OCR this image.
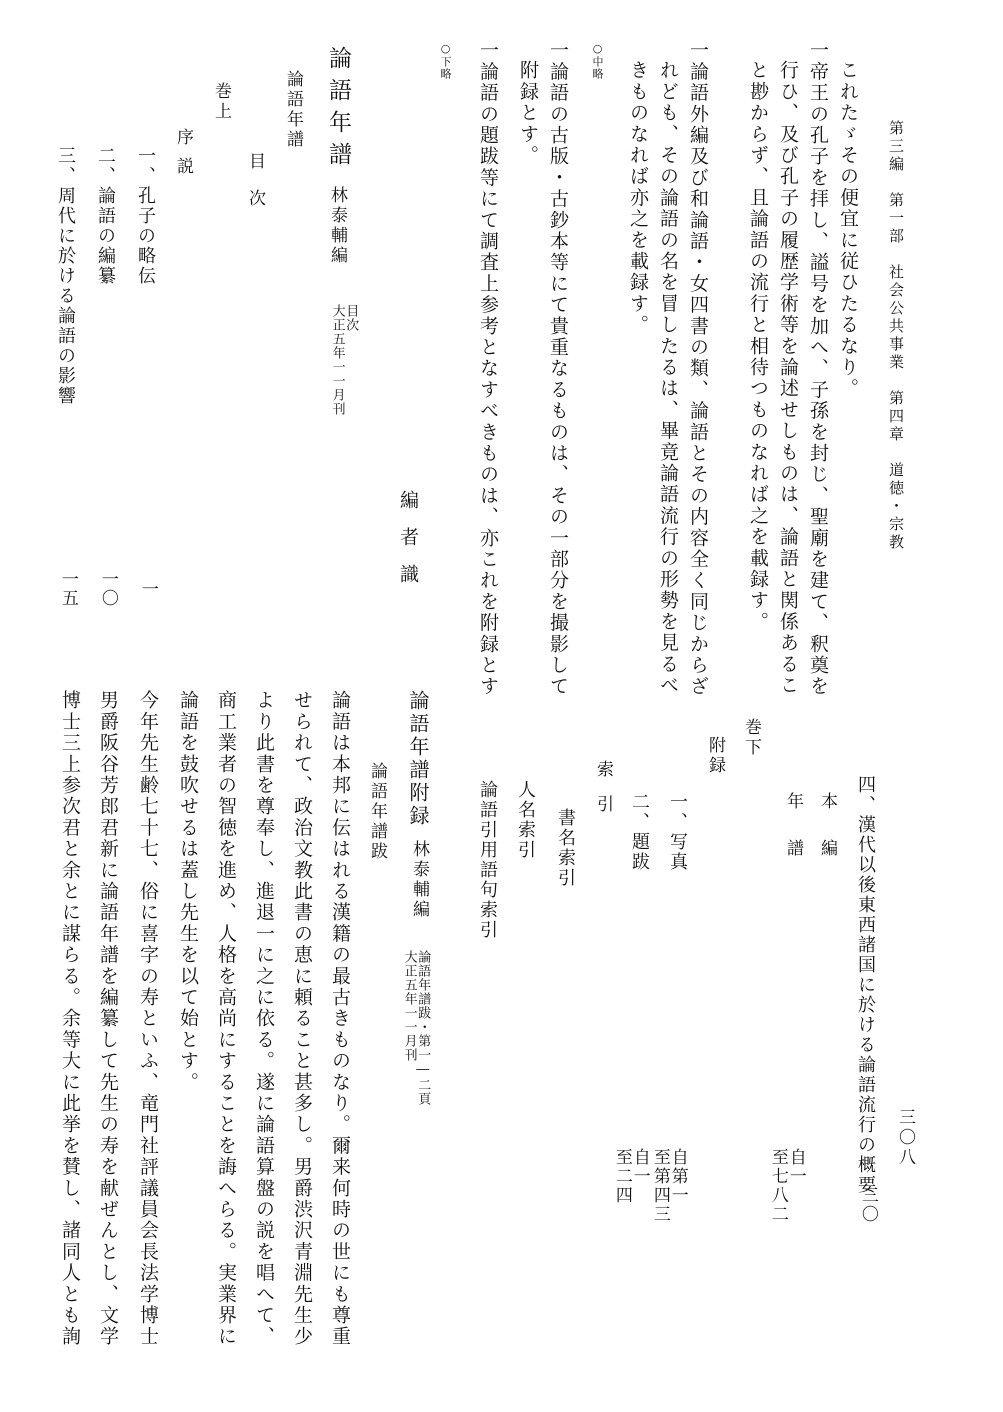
第三編　第一部　社会公共事業　第四章　道徳・宗教
三〇八
これたゞその便宜に従ひたるなり。
一帝王の孔子を拝し、謚号を加へ、子孫を封じ、聖廟を建て、釈奠を
行ひ、及び孔子の履歴学術等を論述せしものは、論語と関係あるこ
と尠からず、且論語の流行と相待つものなれば之を載録す。
一論語外編及び和論語・女四書の類、論語とその内容全く同じからざ
れども、その論語の名を冒したるは、畢竟論語流行の形勢を見るべ
きものなれば亦之を載録す。
○中略
一論語の古版・古鈔本等にて貴重なるものは、その一部分を撮影して
附録とす。
一論語の題跋等にて調査上参考となすべきものは、亦これを附録とす
編者識
○下略
論語年譜
林泰輔編
目次
大正五年一一月刊
論語年譜
目次
巻上
序説
一、孔子の略伝
一
二、論語の編纂
一〇
三、周代に於ける論語の影響
一五
四、漢代以後東西諸国に於ける論語流行の概要
三〇
本編
年譜
自一
至七八二
巻下
附録
一、写真
自第一
至第四三
二、題跋
自一
至二四
索引
書名索引
人名索引
論語引用語句索引
論語年譜附録
林泰輔編
論語年譜跋・第一―二頁
大正五年一一月刊
論語年譜跋
論語は本邦に伝はれる漢籍の最古きものなり。爾来何時の世にも尊重
せられて、政治文教此書の恵に頼ること甚多し。男爵渋沢青淵先生少
より此書を尊奉し、進退一に之に依る。遂に論語算盤の説を唱へて、
商工業者の智徳を進め、人格を高尚にすることを誨へらる。実業界に
論語を鼓吹せるは蓋し先生を以て始とす。
今年先生齢七十七、俗に喜字の寿といふ、竜門社評議員会長法学博士
男爵阪谷芳郎君新に論語年譜を編纂して先生の寿を献ぜんとし、文学
博士三上参次君と余とに謀らる。余等大に此挙を賛し、諸同人とも詢
